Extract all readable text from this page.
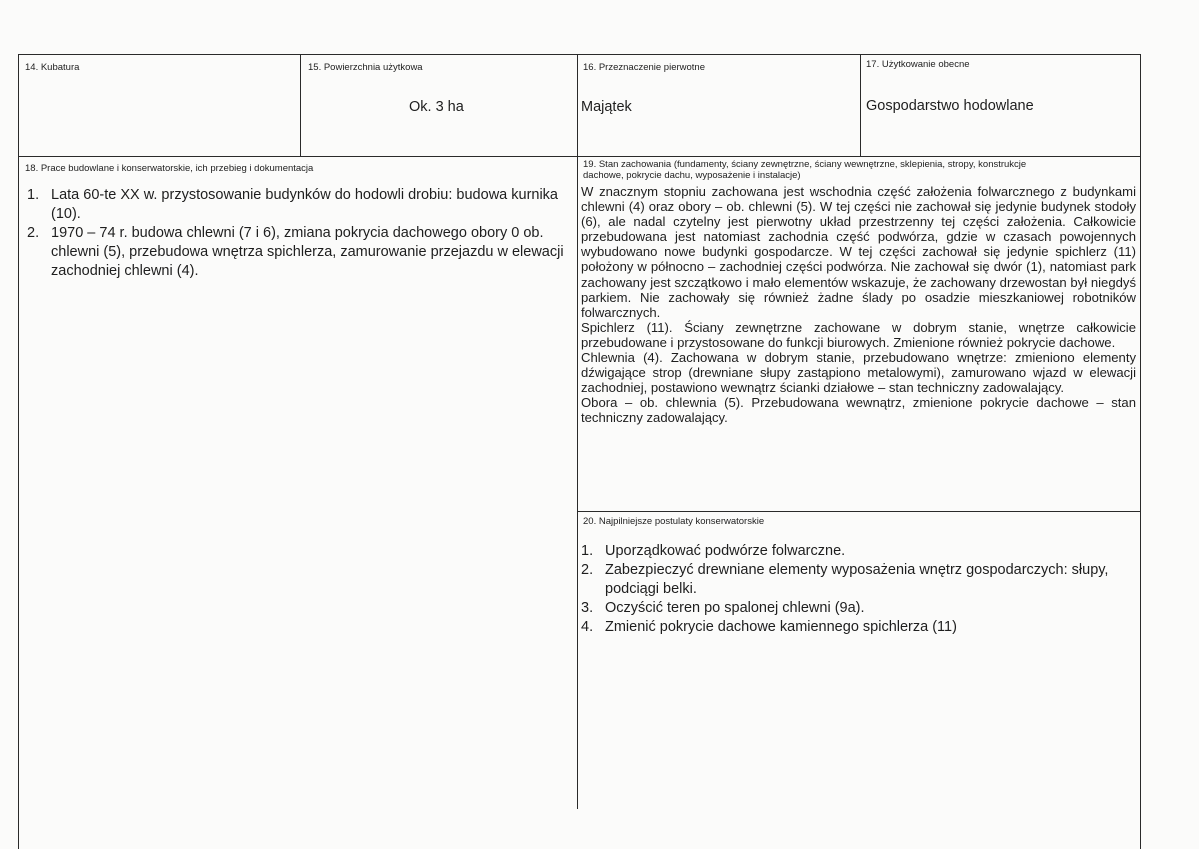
14. Kubatura	15. Powierzchnia użytkowa
Ok. 3 ha
16. Przeznaczenie pierwotne
Majątek
17. Użytkowanie obecne
Gospodarstwo hodowlane
18. Prace budowlane i konserwatorskie, ich przebieg i dokumentacja
1. Lata 60-te XX w. przystosowanie budynków do hodowli drobiu: budowa kurnika (10).
2. 1970 – 74 r. budowa chlewni (7 i 6), zmiana pokrycia dachowego obory 0 ob. chlewni (5), przebudowa wnętrza spichlerza, zamurowanie przejazdu w elewacji zachodniej chlewni (4).
19. Stan zachowania (fundamenty, ściany zewnętrzne, ściany wewnętrzne, sklepienia, stropy, konstrukcje dachowe, pokrycie dachu, wyposażenie i instalacje)

W znacznym stopniu zachowana jest wschodnia część założenia folwarcznego z budynkami chlewni (4) oraz obory – ob. chlewni (5). W tej części nie zachował się jedynie budynek stodoły (6), ale nadal czytelny jest pierwotny układ przestrzenny tej części założenia. Całkowicie przebudowana jest natomiast zachodnia część podwórza, gdzie w czasach powojennych wybudowano nowe budynki gospodarcze. W tej części zachował się jedynie spichlerz (11) położony w północno – zachodniej części podwórza. Nie zachował się dwór (1), natomiast park zachowany jest szczątkowo i mało elementów wskazuje, że zachowany drzewostan był niegdyś parkiem. Nie zachowały się również żadne ślady po osadzie mieszkaniowej robotników folwarcznych.

Spichlerz (11). Ściany zewnętrzne zachowane w dobrym stanie, wnętrze całkowicie przebudowane i przystosowane do funkcji biurowych. Zmienione również pokrycie dachowe.

Chlewnia (4). Zachowana w dobrym stanie, przebudowano wnętrze: zmieniono elementy dźwigające strop (drewniane słupy zastąpiono metalowymi), zamurowano wjazd w elewacji zachodniej, postawiono wewnątrz ścianki działowe – stan techniczny zadowalający.

Obora – ob. chlewnia (5). Przebudowana wewnątrz, zmienione pokrycie dachowe – stan techniczny zadowalający.

20. Najpilniejsze postulaty konserwatorskie
1. Uporządkować podwórze folwarczne.
2. Zabezpieczyć drewniane elementy wyposażenia wnętrz gospodarczych: słupy, podciągi belki.
3. Oczyścić teren po spalonej chlewni (9a).
4. Zmienić pokrycie dachowe kamiennego spichlerza (11)
